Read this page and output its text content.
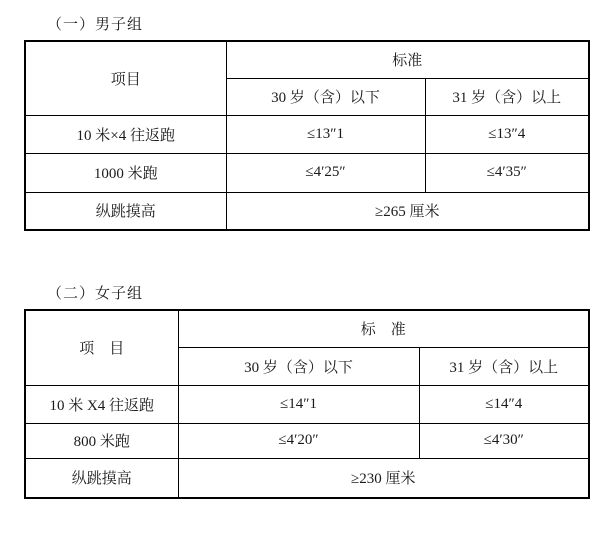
（一）男子组
项目	标准	
	30 岁（含）以下	31 岁（含）以上
10 米×4 往返跑	≤13″1	≤13″4
1000 米跑	≤4′25″	≤4′35″
纵跳摸高	≥265 厘米	
（二）女子组
项　目	标　准	
	30 岁（含）以下	31 岁（含）以上
10 米 X4 往返跑	≤14″1	≤14″4
800 米跑	≤4′20″	≤4′30″
纵跳摸高	≥230 厘米	
